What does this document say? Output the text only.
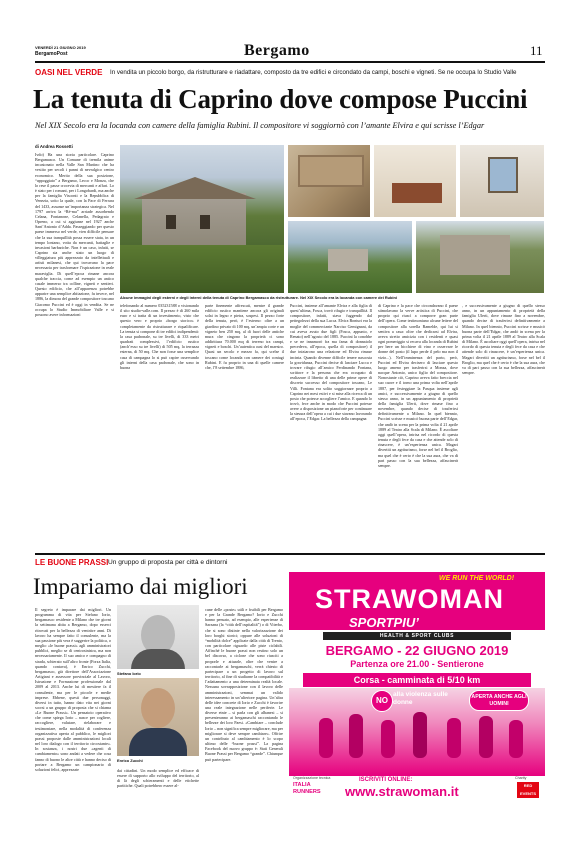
VENERDÌ 21 GIUGNO 2019
BergamoPost	Bergamo	11
OASI NEL VERDE In vendita un piccolo borgo, da ristrutturare e riadattare, composto da tre edifici e circondato da campi, boschi e vigneti. Se ne occupa lo Studio Valle
La tenuta di Caprino dove compose Puccini
Nel XIX Secolo era la locanda con camere della famiglia Rubini. Il compositore vi soggiornò con l’amante Elvira e qui scrisse l’Edgar
di Andrea Rossetti
Ivdo) Ha una storia particolare. Caprino Bergamasco. Un Comune di tremila anime incastonato nella Valle San Martino che ha vestito per secoli i panni di nevralgico centro economico. Merito della sua posizione, “appoggiato” a Bergamo, Lecco e Monza, che lo rese il passe crocevia di mercanti e affari. Lo è stato per i romani, per i Longobardi, ma anche per la famiglia Visconti e la Repubblica di Venezia, sotto la quale, con la Pace di Ferrara del 1433, assunse un’importanza strategica. Nel 1797 arriva la “Ré-ma” arriade assorbendo Celana, Fontanone, Celanella, Pedagrato e Opreno, a cui si aggiunse nel 1927 anche Sant’Antonio d’Adda. Passeggiando per questo paese immerso nel verde, vien difficile pensare che la sua tranquillità possa essere stata, in un tempo lontano, votta da mercanti, battaglie e invasioni barbariche. Non è un caso, infatti, se Caprino sia anche stato un luogo di villeggiatura più apprezzato da intellettuali e artisti milanesi, che qui trovavano la pace necessaria per trasformare l’ispirazione in reale maraviglia. Di quell’epoca rimane ancora qualche traccia, come ad esempio un antico casale immerso tra colline, vigneti e sentieri. Questo edificio, che all’apparenza potrebbe apparire una semplice abitazione, fu invece, nel 1886, la dimora del grande compositore toscano Giacomo Puccini ed è oggi in vendita. Se ne occupa lo Studio Immobiliare Valle e si possono avere informazioni
Alcune immagini degli esterni e degli interni della tenuta di Caprino Bergamasco da ristrutturare. Nel XIX Secolo era la locanda con camere dei Rubini
telefonando al numero 035231588 o visionando il sito studio-valle.com. Il prezzo è di 260 mila euro e si tratta di un investimento, visto che questo vero e proprio «borgo storico» è completamente da ristrutturare e riqualificare. La tenuta si compone di tre edifici indipendenti: la casa padronale, su tre livelli, di 333 metri quadrati complessivi, l’edificio rustico (anch’esso su tre livelli) di 505 mq, la terrazza esterna, di 50 mq. Che non fosse una semplice casa di campagna lo si può capire osservando gli interni della casa padronale, che sono in buona
parte finemente affrescati, mentre il grande edificio rustico mantiene ancora gli originali solai in legno e pietra, sospesi. Il pezzo forte della tenuta, però, è l’esterno: oltre a un giardino privato di 100 mq, un’ampia corte e un vigneto ben 250 mq, al di fuori delle antiche mura che cingono la proprietà ci sono addirittura 70.000 mq di terreno tra campi, vigneti e boschi. Un’autentica oasi del maestro. Quasi un secolo e mezzo fa, qui scelse il toscano come locanda con camere dei coniugi Rubini. E fu proprio in una di quelle camere che, l’8 settembre 1886,
Puccini, insieme all’amante Elvira e alla figlia di quest’ultima, Fosca, trovò rifugio e tranquillità. Il compositore, infatti, stava fuggendo dal pettegolezzi della sua Lucca. Elvira Bonturi era la moglie del commerciante Narciso Gemignani, da cui aveva avuto due figli (Fosca, appunto, e Renato) nell’agosto del 1885. Puccini la conobbe e se ne innamorò fra ma fama di donnaiolo precedeva, all’epoca, quella di compositore) il due iniziarono una relazione ed Elvira rimase incinta. Quando divenne difficile tenere nascosta la gravidanza, Puccini decise di lasciare Lucca e trovare rifugio all’amico Ferdinando Fontana, scrittore e la persona che era occupato di realizzare il libretto di una delle prime opere di discreto successo del compositore toscano, Le Villi. Fontana era solito soggiornare proprio a Caprino nei mesi estivi e si mise alla ricerca di un posto che potesse accogliere l’amico. E quando lo trovò, fece anche in modo che Puccini potesse avere a disposizione un pianoforte per continuare la stesura dell’opera a cui i due stavano lavorando all’epoca, l’Edgar. La bellezza della campagna
di Caprino e la pace che circondavano il paese stimolavano la verve artistica di Puccini, che proprio qui riuscì a comporre gran parte dell’opera. Come testimoniano alcune lettere del compositore alla sorella Ramelde, qui lui si sentiva a casa: oltre che dedicarsi ad Elvira, aveva stretto amicizia con i residenti e quasi ogni pomeriggio si recava alla locanda di Rubini per bere un bicchiere di vino e osservare le donne del posto (il lupo perde il pelo ma non il vizio...). Nell’imminenza del parto, però, Puccini ed Elvira decisero di lasciare questo luogo ameno per trasferirsi a Monza, dove nacque Antonio, unico figlio del compositore. Nonostante ciò, Caprino aveva fatto breccia nel suo cuore e il torno una prima volta nell’aprile 1887, per festeggiare la Pasqua insieme agli amici, e successivamente a giugno di quello stesso anno, in un appuntamento di proprietà della famiglia Ulerti, dove rimase fino a novembre, quando decise di trasferirsi definitivamente a Milano. In quel biennio, Puccini scrisse e musicò buona parte dell’Edgar, che andò in scena per la prima volta il 21 aprile 1889 al Teatro alla Scala di Milano. È ascoltare oggi quell’opera, intrisa nel ricordo di questa tenuta e degli fece da casa e che attende solo di rinascere, è un’esperienza unica. Magari divertiti un agriturismo, forse nel bel il Broglio, ma quel che è certo è che la sua aura, che va di pari passo con la sua bellezza, affascinerà sempre.
LE BUONE PRASSI Un gruppo di proposta per città e dintorni
Impariamo dai migliori
Il segreto è imparare dai migliori. Un programma di vita per Stefano Iorio, bergamasco residente a Milano che tre giorni la settimana abita a Bergamo, dopo esserci ritrovati per la bellezza di ventritre anni. Di lavoro ha sempre fatto il consulente, ma la sua passione più vera è suggerire la politica, o meglio «le buone prassi» agli amministratori pubblici, meglio se di centrosinistra, ma non necessariamente. Il suo amico e compagno di strada, schierato sull’altro fronte (Forza Italia, quando contava), è Enrico Zucchi, bergamasco, già direttore dell’Associazione Artigiani e assessore provinciale al Lavoro, Istruzione e Formazione professionale dal 2009 al 2013. Anche lui di mestiere fa il consulente, ma per le piccole e medie imprese. Ebbene, questi due personaggi, diversi in tutto, hanno dato vita nei giorni scorsi a un gruppo di proposta che si chiama «Le Buone Prassi». Un pensatoio operativo che come spiega Iorio – nasce per cogliere, raccogliere, valutare, rielaborare e testimoniare, nella modalità di conferenza organizzativa aperta al pubblico, le migliori prassi proposte dalle amministrazioni locali nel loro dialogo con il territorio circostante». In sostanza, i nostri due «agenti di cambiamento» sono andati a vedere che cosa fanno di buono le altre città e hanno deciso di portare a Bergamo un campionario di soluzioni felici, apprezzate
Stefano Iorio
Enrico Zucchi
dai cittadini. Un modo semplice ed efficace di essere di supporto allo sviluppo del territorio, al di là degli schieramenti e delle etichette partitiche. Quali potrebbero essere al-
cune delle «poste» utili e fruibili per Bergamo e per la Grande Bergamo? Iorio e Zucchi hanno pensato, ad esempio, alle esperienze di Sarzana (la “città dell’ospitalità”) o di Viterbo, che si sono distinte nella valorizzazione dei loro borghi storici; oppure alle soluzioni di “mobilità dolce” applicate dalla città di Trento, con particolare riguardo alle piste ciclabili. Affinché le buone prassi non restino solo un bel discorso, a ciclone che sono riusciti a proporle e attuarle, oltre che venire a raccontarle ai bergamaschi, verrà chiesto di partecipare a un progetto di lavoro sul territorio, al fine di studiarne la compatibilità e l’adattamento a una determinata realtà locale. Nessuna sovrapposizione con il lavoro delle amministrazioni, semmai un valido interessamento in un’ulteriore pagina. Un’altra delle idee concrete di Iorio e Zucchi è favorire una reale integrazione nelle periferie. Le diverse etnie – si parla con gli albanesi – si presenteranno ai bergamaschi raccontando le bellezze dei loro Paesi. «Cambiare – conclude Iorio – non significa sempre migliorare, ma per migliorare si deve sempre cambiare». Offrire un contributo al cambiamento è lo scopo ultimo delle “buone prassi”. La pagina Facebook del nuovo gruppo è: Stati Generali Buone Prassi per Bergamo “grande”. Chiunque può partecipare.
WE RUN THE WORLD!
STRAWOMAN
SPORTPIU’
HEALTH & SPORT CLUBS
BERGAMO - 22 GIUGNO 2019
Partenza ore 21.00 - Sentierone
Corsa - camminata di 5/10 km
NO
alla violenza sulle donne
APERTA ANCHE AGLI UOMINI
Organizzazione tecnica
ITALIA RUNNERS
ISCRIVITI ONLINE:
www.strawoman.it
Charity
RED EVENTS
, e successivamente a giugno di quello stesso anno, in un appuntamento di proprietà della famiglia Ulerti, dove rimase fino a novembre, quando decise di trasferirsi definitivamente a Milano. In quel biennio, Puccini scrisse e musicò buona parte dell’Edgar, che andò in scena per la prima volta il 21 aprile 1889 al Teatro alla Scala di Milano. È ascoltare oggi quell’opera, intrisa nel ricordo di questa tenuta e degli fece da casa e che attende solo di rinascere, è un’esperienza unica. Magari divertiti un agriturismo, forse nel bel il Broglio, ma quel che è certo è che la sua aura, che va di pari passo con la sua bellezza, affascinerà sempre.
